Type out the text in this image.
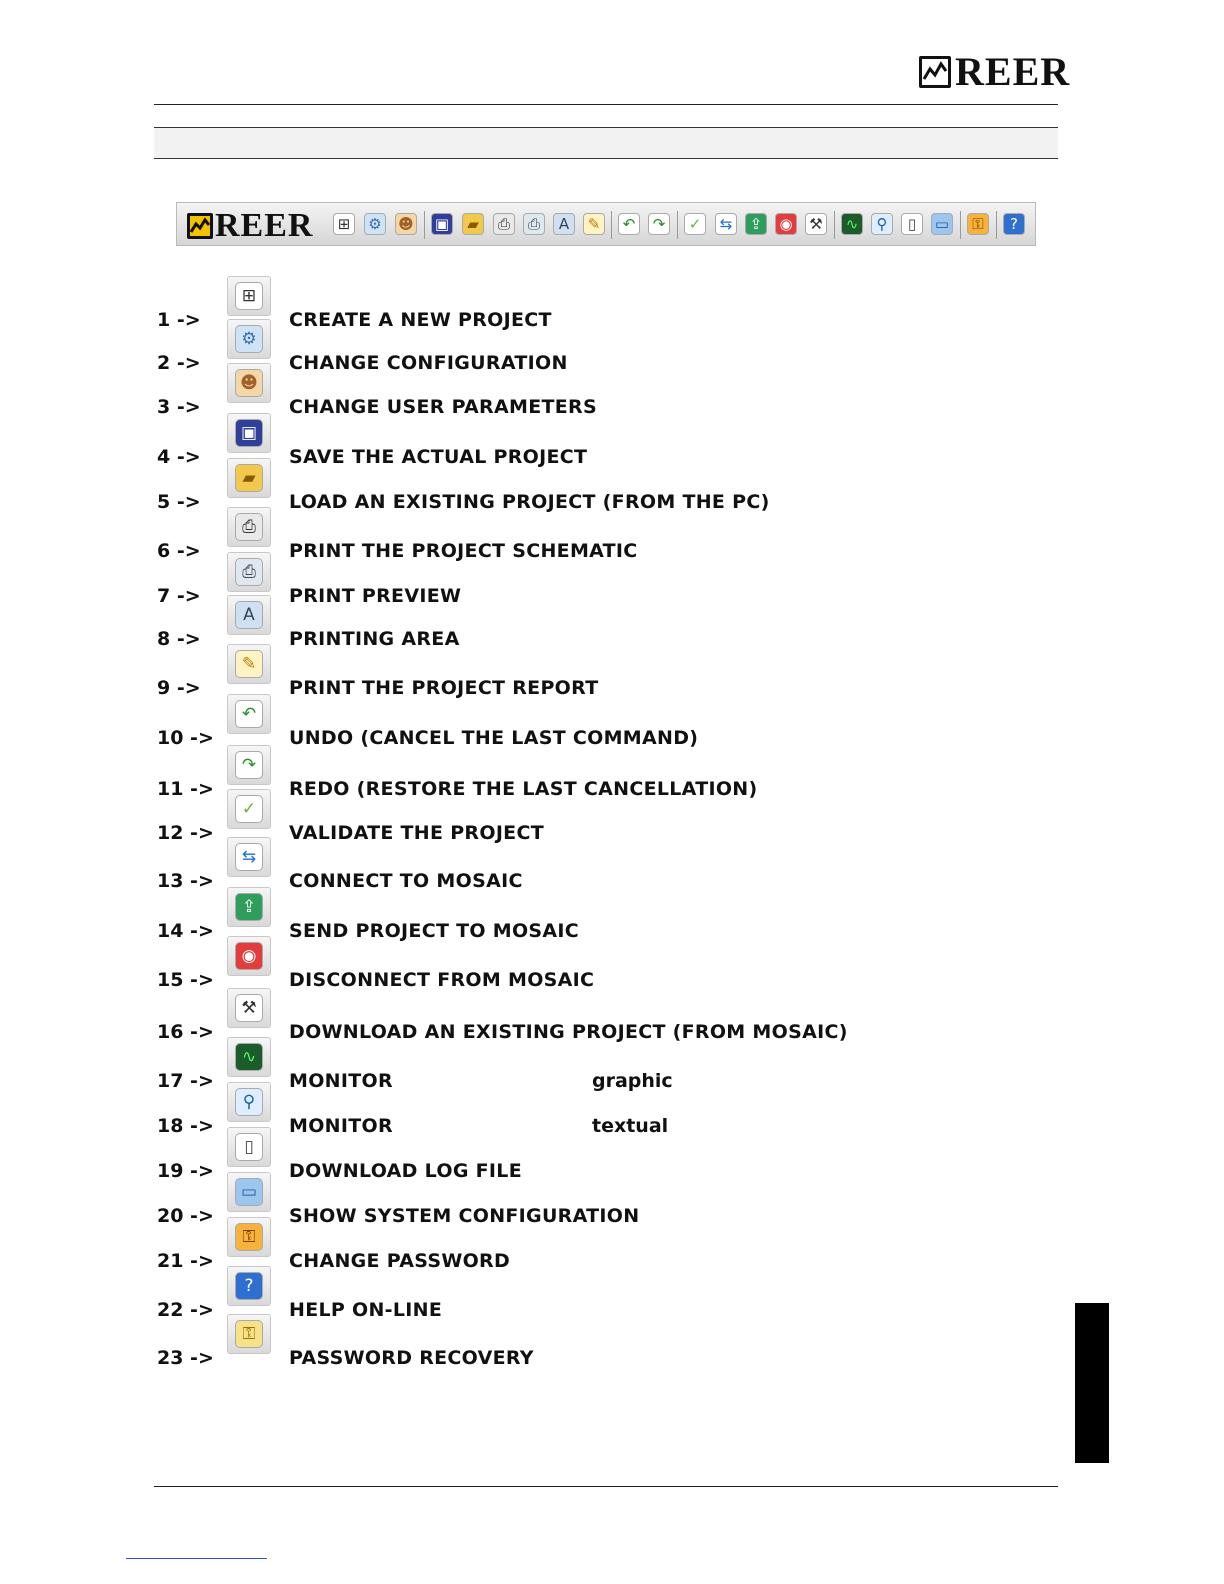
REER
REER	⊞	⚙ ☻ ▣	▰	⎙	⎙	A	✎	↶	↷	✓	⇆	⇪	◉ ⚒	∿	⚲	▯	▭	⚿	?
1 ->
⊞
CREATE A NEW PROJECT
2 ->
⚙
CHANGE CONFIGURATION
3 ->
☻
CHANGE USER PARAMETERS
4 ->
▣
SAVE THE ACTUAL PROJECT
5 ->
▰
LOAD AN EXISTING PROJECT (FROM THE PC)
6 ->
⎙
PRINT THE PROJECT SCHEMATIC
7 ->
⎙
PRINT PREVIEW
8 ->
A
PRINTING AREA
9 ->
✎
PRINT THE PROJECT REPORT
10 ->
↶
UNDO (CANCEL THE LAST COMMAND)
11 ->
↷
REDO (RESTORE THE LAST CANCELLATION)
12 ->
✓
VALIDATE THE PROJECT
13 ->
⇆
CONNECT TO MOSAIC
14 ->
⇪
SEND PROJECT TO MOSAIC
15 ->
◉
DISCONNECT FROM MOSAIC
16 ->
⚒
DOWNLOAD AN EXISTING PROJECT (FROM MOSAIC)
17 ->
∿
MONITOR	graphic
18 ->
⚲
MONITOR	textual
19 ->
▯
DOWNLOAD LOG FILE
20 ->
▭
SHOW SYSTEM CONFIGURATION
21 ->
⚿
CHANGE PASSWORD
22 ->
?
HELP ON-LINE
23 ->
⚿
PASSWORD RECOVERY
